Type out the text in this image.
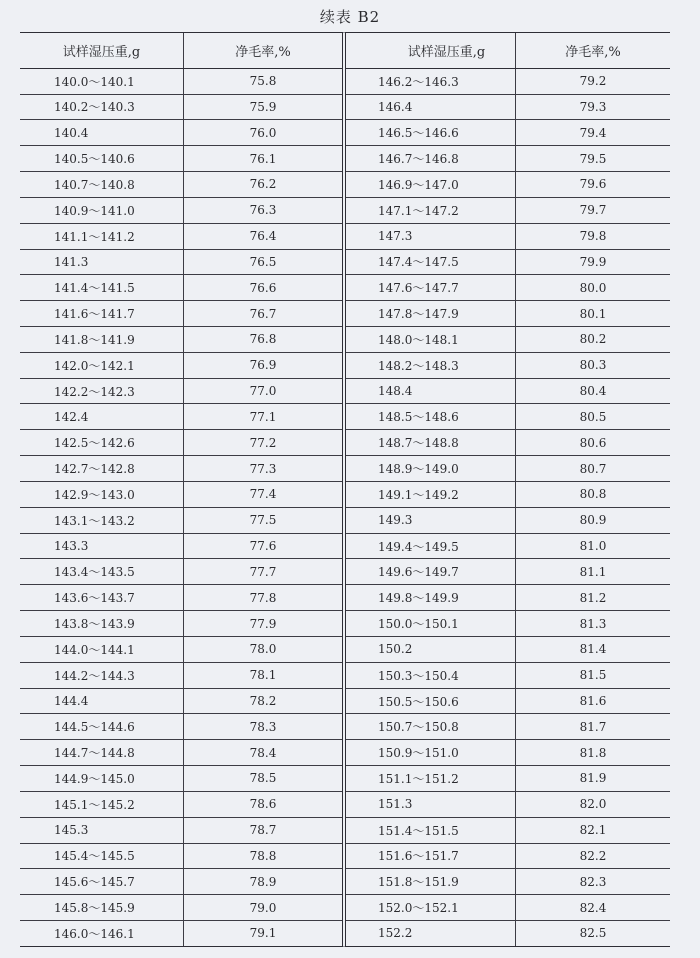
续表 B2
试样湿压重,g	净毛率,%
140.0～140.1	75.8
140.2～140.3	75.9
140.4	76.0
140.5～140.6	76.1
140.7～140.8	76.2
140.9～141.0	76.3
141.1～141.2	76.4
141.3	76.5
141.4～141.5	76.6
141.6～141.7	76.7
141.8～141.9	76.8
142.0～142.1	76.9
142.2～142.3	77.0
142.4	77.1
142.5～142.6	77.2
142.7～142.8	77.3
142.9～143.0	77.4
143.1～143.2	77.5
143.3	77.6
143.4～143.5	77.7
143.6～143.7	77.8
143.8～143.9	77.9
144.0～144.1	78.0
144.2～144.3	78.1
144.4	78.2
144.5～144.6	78.3
144.7～144.8	78.4
144.9～145.0	78.5
145.1～145.2	78.6
145.3	78.7
145.4～145.5	78.8
145.6～145.7	78.9
145.8～145.9	79.0
146.0～146.1	79.1
试样湿压重,g	净毛率,%
146.2～146.3	79.2
146.4	79.3
146.5～146.6	79.4
146.7～146.8	79.5
146.9～147.0	79.6
147.1～147.2	79.7
147.3	79.8
147.4～147.5	79.9
147.6～147.7	80.0
147.8～147.9	80.1
148.0～148.1	80.2
148.2～148.3	80.3
148.4	80.4
148.5～148.6	80.5
148.7～148.8	80.6
148.9～149.0	80.7
149.1～149.2	80.8
149.3	80.9
149.4～149.5	81.0
149.6～149.7	81.1
149.8～149.9	81.2
150.0～150.1	81.3
150.2	81.4
150.3～150.4	81.5
150.5～150.6	81.6
150.7～150.8	81.7
150.9～151.0	81.8
151.1～151.2	81.9
151.3	82.0
151.4～151.5	82.1
151.6～151.7	82.2
151.8～151.9	82.3
152.0～152.1	82.4
152.2	82.5
